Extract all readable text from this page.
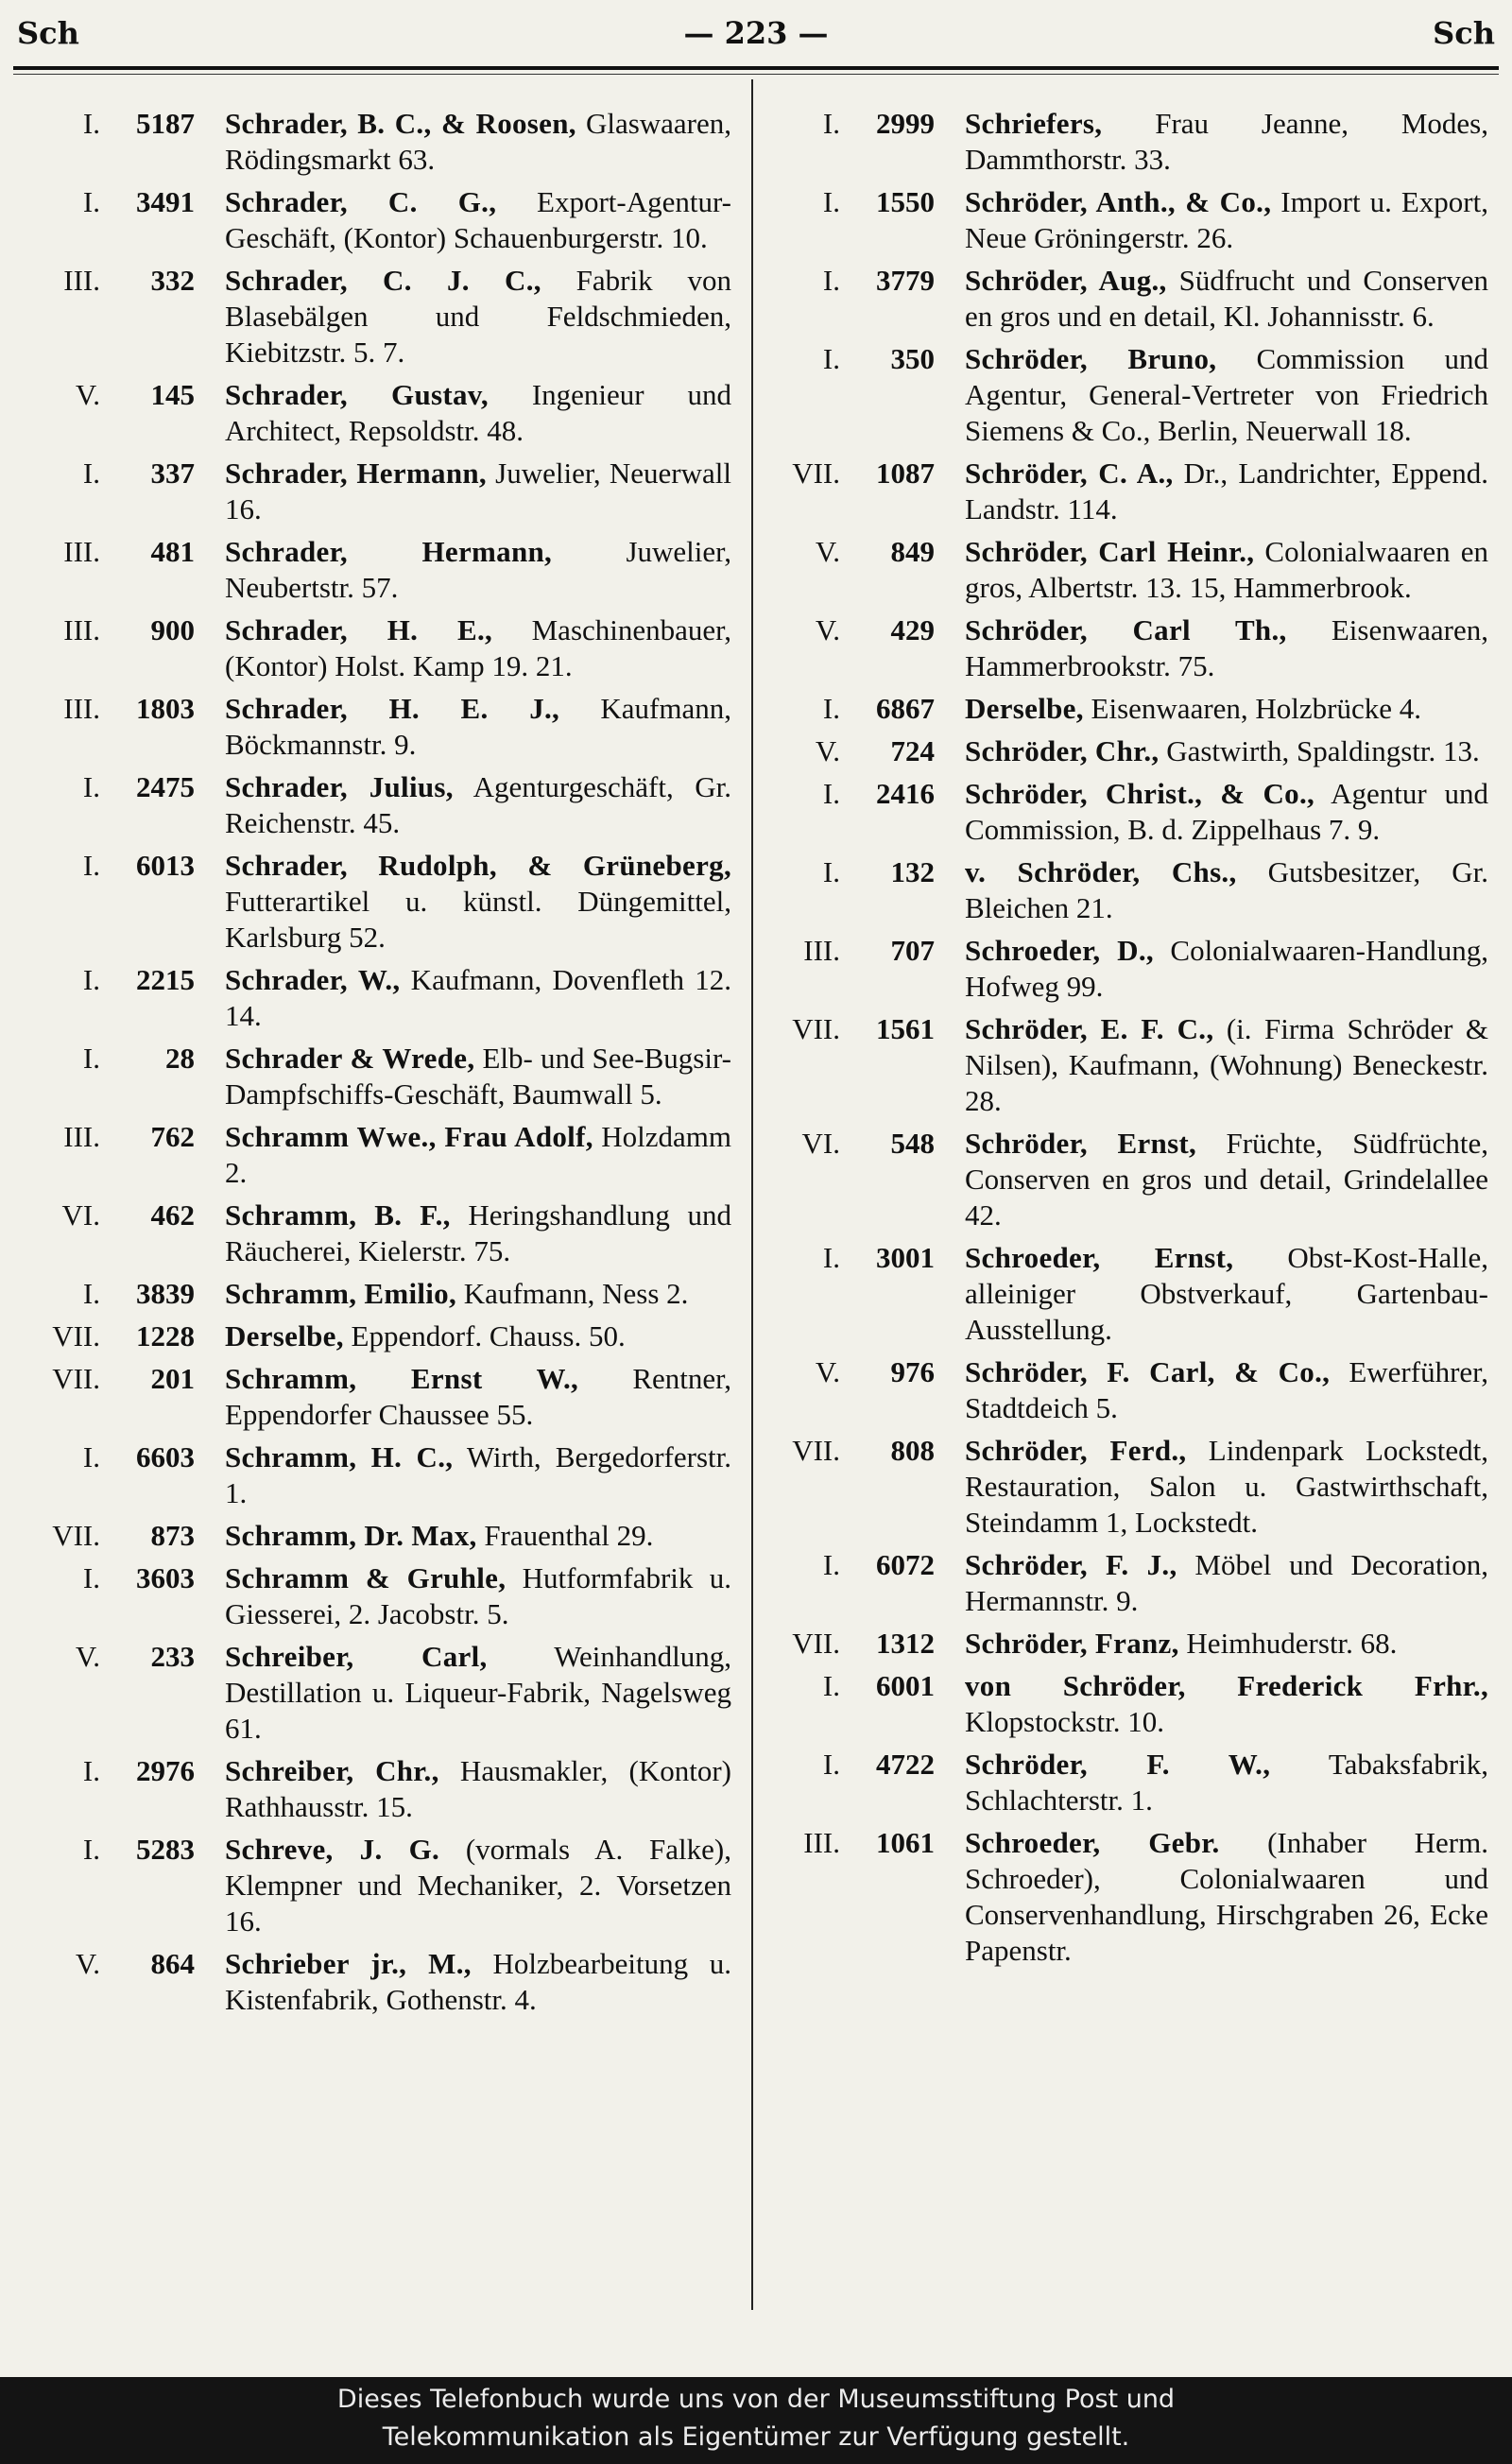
Sch	— 223 —	Sch
I.	5187	Schrader, B. C., & Roosen, Glaswaaren, Rödingsmarkt 63.
I.	3491	Schrader, C. G., Export-Agentur-Geschäft, (Kontor) Schauenburgerstr. 10.
III.	332	Schrader, C. J. C., Fabrik von Blasebälgen und Feldschmieden, Kiebitzstr. 5. 7.
V.	145	Schrader, Gustav, Ingenieur und Architect, Repsoldstr. 48.
I.	337	Schrader, Hermann, Juwelier, Neuerwall 16.
III.	481	Schrader, Hermann, Juwelier, Neubertstr. 57.
III.	900	Schrader, H. E., Maschinenbauer, (Kontor) Holst. Kamp 19. 21.
III.	1803	Schrader, H. E. J., Kaufmann, Böckmannstr. 9.
I.	2475	Schrader, Julius, Agenturgeschäft, Gr. Reichenstr. 45.
I.	6013	Schrader, Rudolph, & Grüneberg, Futterartikel u. künstl. Düngemittel, Karlsburg 52.
I.	2215	Schrader, W., Kaufmann, Dovenfleth 12. 14.
I.	28	Schrader & Wrede, Elb- und See-Bugsir-Dampfschiffs-Geschäft, Baumwall 5.
III.	762	Schramm Wwe., Frau Adolf, Holzdamm 2.
VI.	462	Schramm, B. F., Heringshandlung und Räucherei, Kielerstr. 75.
I.	3839	Schramm, Emilio, Kaufmann, Ness 2.
VII.	1228	Derselbe, Eppendorf. Chauss. 50.
VII.	201	Schramm, Ernst W., Rentner, Eppendorfer Chaussee 55.
I.	6603	Schramm, H. C., Wirth, Bergedorferstr. 1.
VII.	873	Schramm, Dr. Max, Frauenthal 29.
I.	3603	Schramm & Gruhle, Hutformfabrik u. Giesserei, 2. Jacobstr. 5.
V.	233	Schreiber, Carl, Weinhandlung, Destillation u. Liqueur-Fabrik, Nagelsweg 61.
I.	2976	Schreiber, Chr., Hausmakler, (Kontor) Rathhausstr. 15.
I.	5283	Schreve, J. G. (vormals A. Falke), Klempner und Mechaniker, 2. Vorsetzen 16.
V.	864	Schrieber jr., M., Holzbearbeitung u. Kistenfabrik, Gothenstr. 4.
I.	2999	Schriefers, Frau Jeanne, Modes, Dammthorstr. 33.
I.	1550	Schröder, Anth., & Co., Import u. Export, Neue Gröningerstr. 26.
I.	3779	Schröder, Aug., Südfrucht und Conserven en gros und en detail, Kl. Johannisstr. 6.
I.	350	Schröder, Bruno, Commission und Agentur, General-Vertreter von Friedrich Siemens & Co., Berlin, Neuerwall 18.
VII.	1087	Schröder, C. A., Dr., Landrichter, Eppend. Landstr. 114.
V.	849	Schröder, Carl Heinr., Colonialwaaren en gros, Albertstr. 13. 15, Hammerbrook.
V.	429	Schröder, Carl Th., Eisenwaaren, Hammerbrookstr. 75.
I.	6867	Derselbe, Eisenwaaren, Holzbrücke 4.
V.	724	Schröder, Chr., Gastwirth, Spaldingstr. 13.
I.	2416	Schröder, Christ., & Co., Agentur und Commission, B. d. Zippelhaus 7. 9.
I.	132	v. Schröder, Chs., Gutsbesitzer, Gr. Bleichen 21.
III.	707	Schroeder, D., Colonialwaaren-Handlung, Hofweg 99.
VII.	1561	Schröder, E. F. C., (i. Firma Schröder & Nilsen), Kaufmann, (Wohnung) Beneckestr. 28.
VI.	548	Schröder, Ernst, Früchte, Südfrüchte, Conserven en gros und detail, Grindelallee 42.
I.	3001	Schroeder, Ernst, Obst-Kost-Halle, alleiniger Obstverkauf, Gartenbau-Ausstellung.
V.	976	Schröder, F. Carl, & Co., Ewerführer, Stadtdeich 5.
VII.	808	Schröder, Ferd., Lindenpark Lockstedt, Restauration, Salon u. Gastwirthschaft, Steindamm 1, Lockstedt.
I.	6072	Schröder, F. J., Möbel und Decoration, Hermannstr. 9.
VII.	1312	Schröder, Franz, Heimhuderstr. 68.
I.	6001	von Schröder, Frederick Frhr., Klopstockstr. 10.
I.	4722	Schröder, F. W., Tabaksfabrik, Schlachterstr. 1.
III.	1061	Schroeder, Gebr. (Inhaber Herm. Schroeder), Colonialwaaren und Conservenhandlung, Hirschgraben 26, Ecke Papenstr.
Dieses Telefonbuch wurde uns von der Museumsstiftung Post und
Telekommunikation als Eigentümer zur Verfügung gestellt.
